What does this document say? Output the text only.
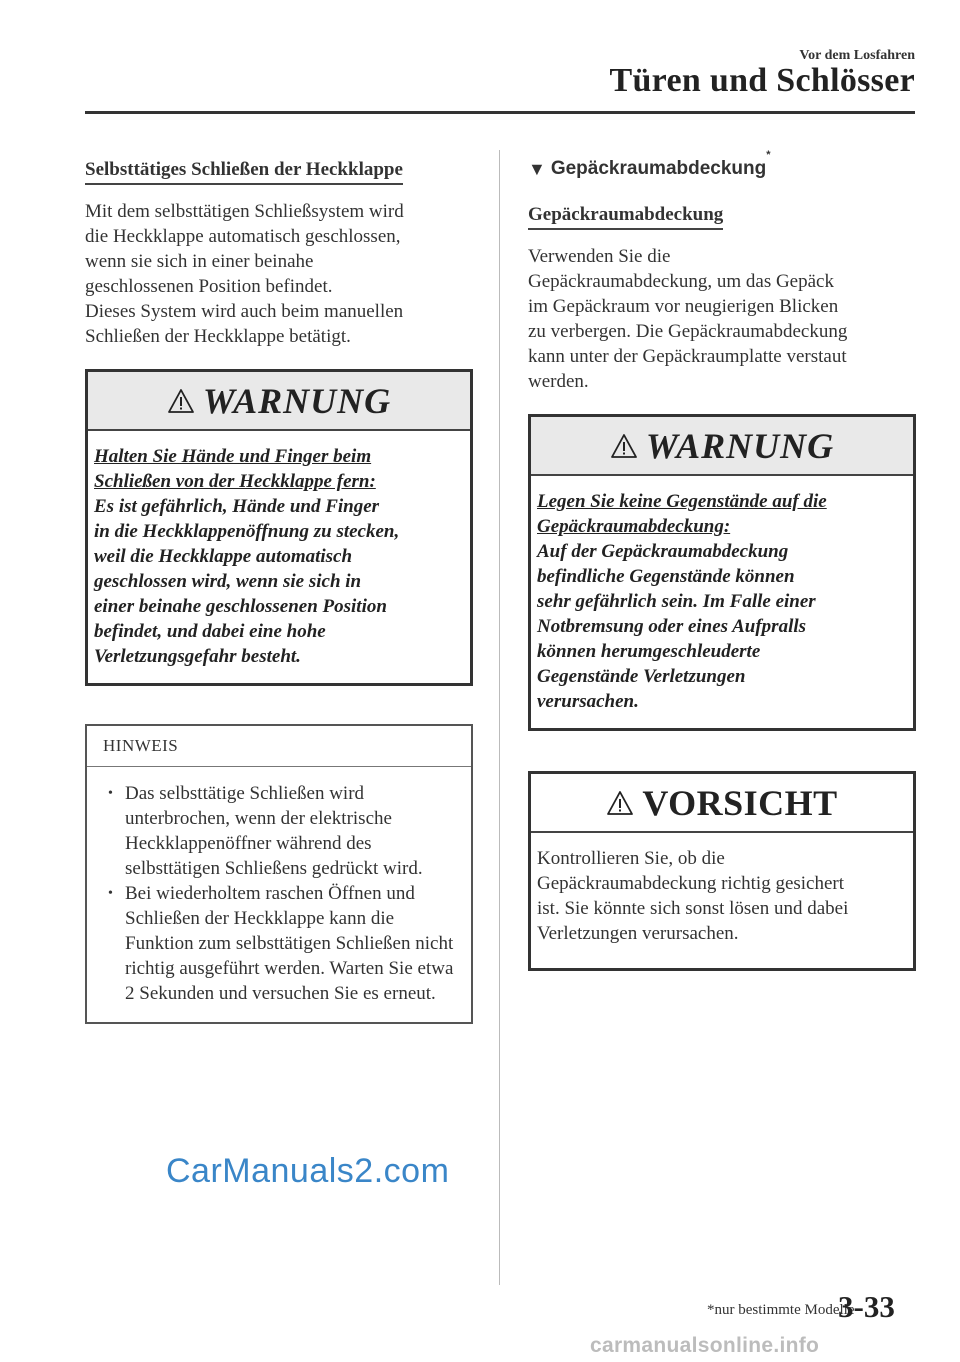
Vor dem Losfahren
Türen und Schlösser
Selbsttätiges Schließen der Heckklappe

Mit dem selbsttätigen Schließsystem wird

die Heckklappe automatisch geschlossen,

wenn sie sich in einer beinahe

geschlossenen Position befindet.

Dieses System wird auch beim manuellen

Schließen der Heckklappe betätigt.

WARNUNG

Halten Sie Hände und Finger beim

Schließen von der Heckklappe fern:

Es ist gefährlich, Hände und Finger

in die Heckklappenöffnung zu stecken,

weil die Heckklappe automatisch

geschlossen wird, wenn sie sich in

einer beinahe geschlossenen Position

befindet, und dabei eine hohe

Verletzungsgefahr besteht.

HINWEIS
• Das selbsttätige Schließen wird unterbrochen, wenn der elektrische Heckklappenöffner während des selbsttätigen Schließens gedrückt wird.
• Bei wiederholtem raschen Öffnen und Schließen der Heckklappe kann die Funktion zum selbsttätigen Schließen nicht richtig ausgeführt werden. Warten Sie etwa 2 Sekunden und versuchen Sie es erneut.
▼ Gepäckraumabdeckung
*
Gepäckraumabdeckung

Verwenden Sie die

Gepäckraumabdeckung, um das Gepäck

im Gepäckraum vor neugierigen Blicken

zu verbergen. Die Gepäckraumabdeckung

kann unter der Gepäckraumplatte verstaut

werden.

WARNUNG

Legen Sie keine Gegenstände auf die

Gepäckraumabdeckung:

Auf der Gepäckraumabdeckung

befindliche Gegenstände können

sehr gefährlich sein. Im Falle einer

Notbremsung oder eines Aufpralls

können herumgeschleuderte

Gegenstände Verletzungen

verursachen.

VORSICHT

Kontrollieren Sie, ob die

Gepäckraumabdeckung richtig gesichert

ist. Sie könnte sich sonst lösen und dabei

Verletzungen verursachen.

CarManuals2.com
*nur bestimmte Modelle
3-33
carmanualsonline.info
